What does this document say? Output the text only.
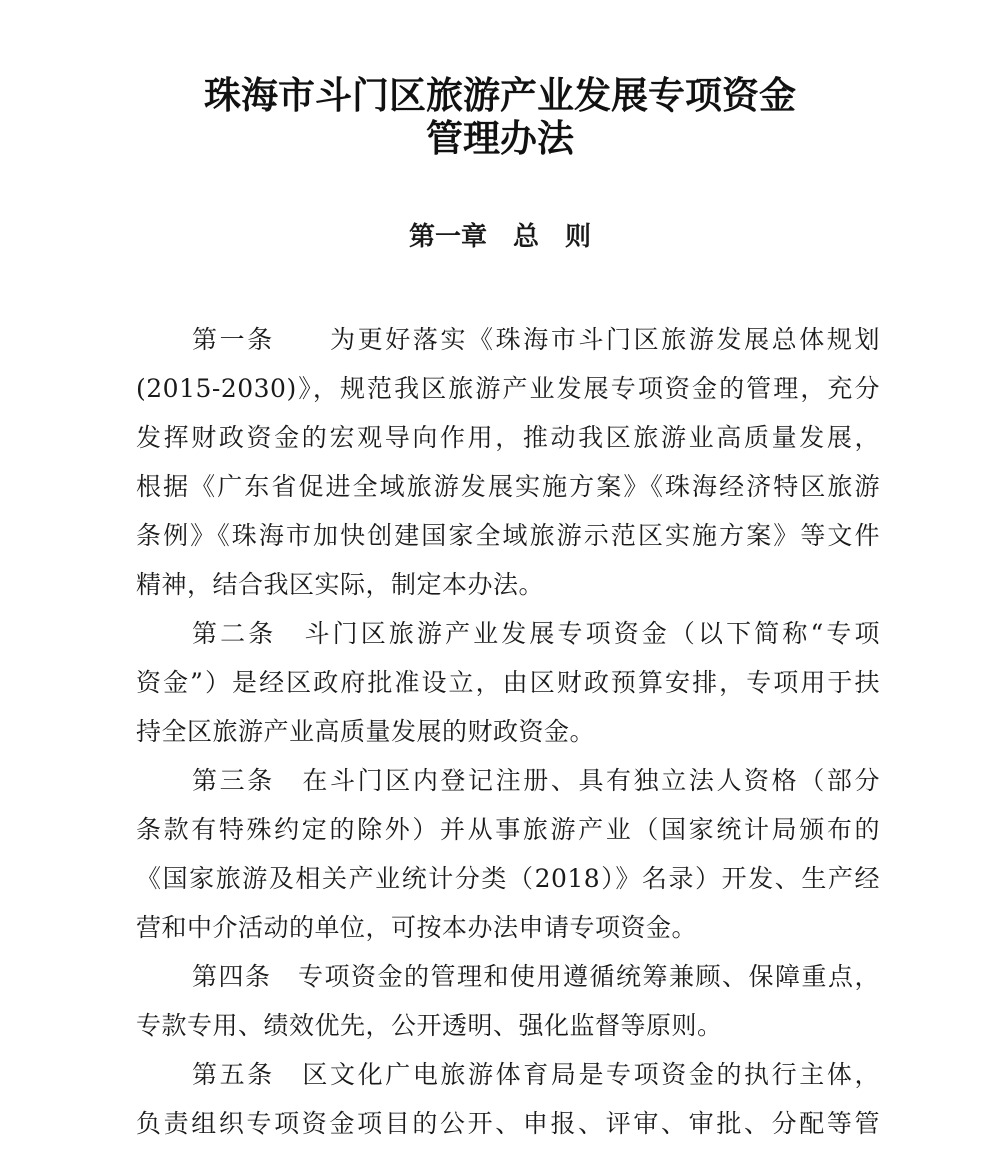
珠海市斗门区旅游产业发展专项资金
管理办法
第一章　总　则
第一条　　 为更好落实《珠海市斗门区旅游发展总体规划
(2015-2030)》，规范我区旅游产业发展专项资金的管理，充分
发挥财政资金的宏观导向作用，推动我区旅游业高质量发展，
根据《广东省促进全域旅游发展实施方案》《珠海经济特区旅游
条例》《珠海市加快创建国家全域旅游示范区实施方案》等文件
精神，结合我区实际，制定本办法。
第二条　 斗门区旅游产业发展专项资金（以下简称“专项
资金”）是经区政府批准设立，由区财政预算安排，专项用于扶
持全区旅游产业高质量发展的财政资金。
第三条　 在斗门区内登记注册、具有独立法人资格（部分
条款有特殊约定的除外）并从事旅游产业（国家统计局颁布的
《国家旅游及相关产业统计分类（2018）》名录）开发、生产经
营和中介活动的单位，可按本办法申请专项资金。
第四条　 专项资金的管理和使用遵循统筹兼顾、保障重点，
专款专用、绩效优先，公开透明、强化监督等原则。
第五条　 区文化广电旅游体育局是专项资金的执行主体，
负责组织专项资金项目的公开、申报、评审、审批、分配等管
